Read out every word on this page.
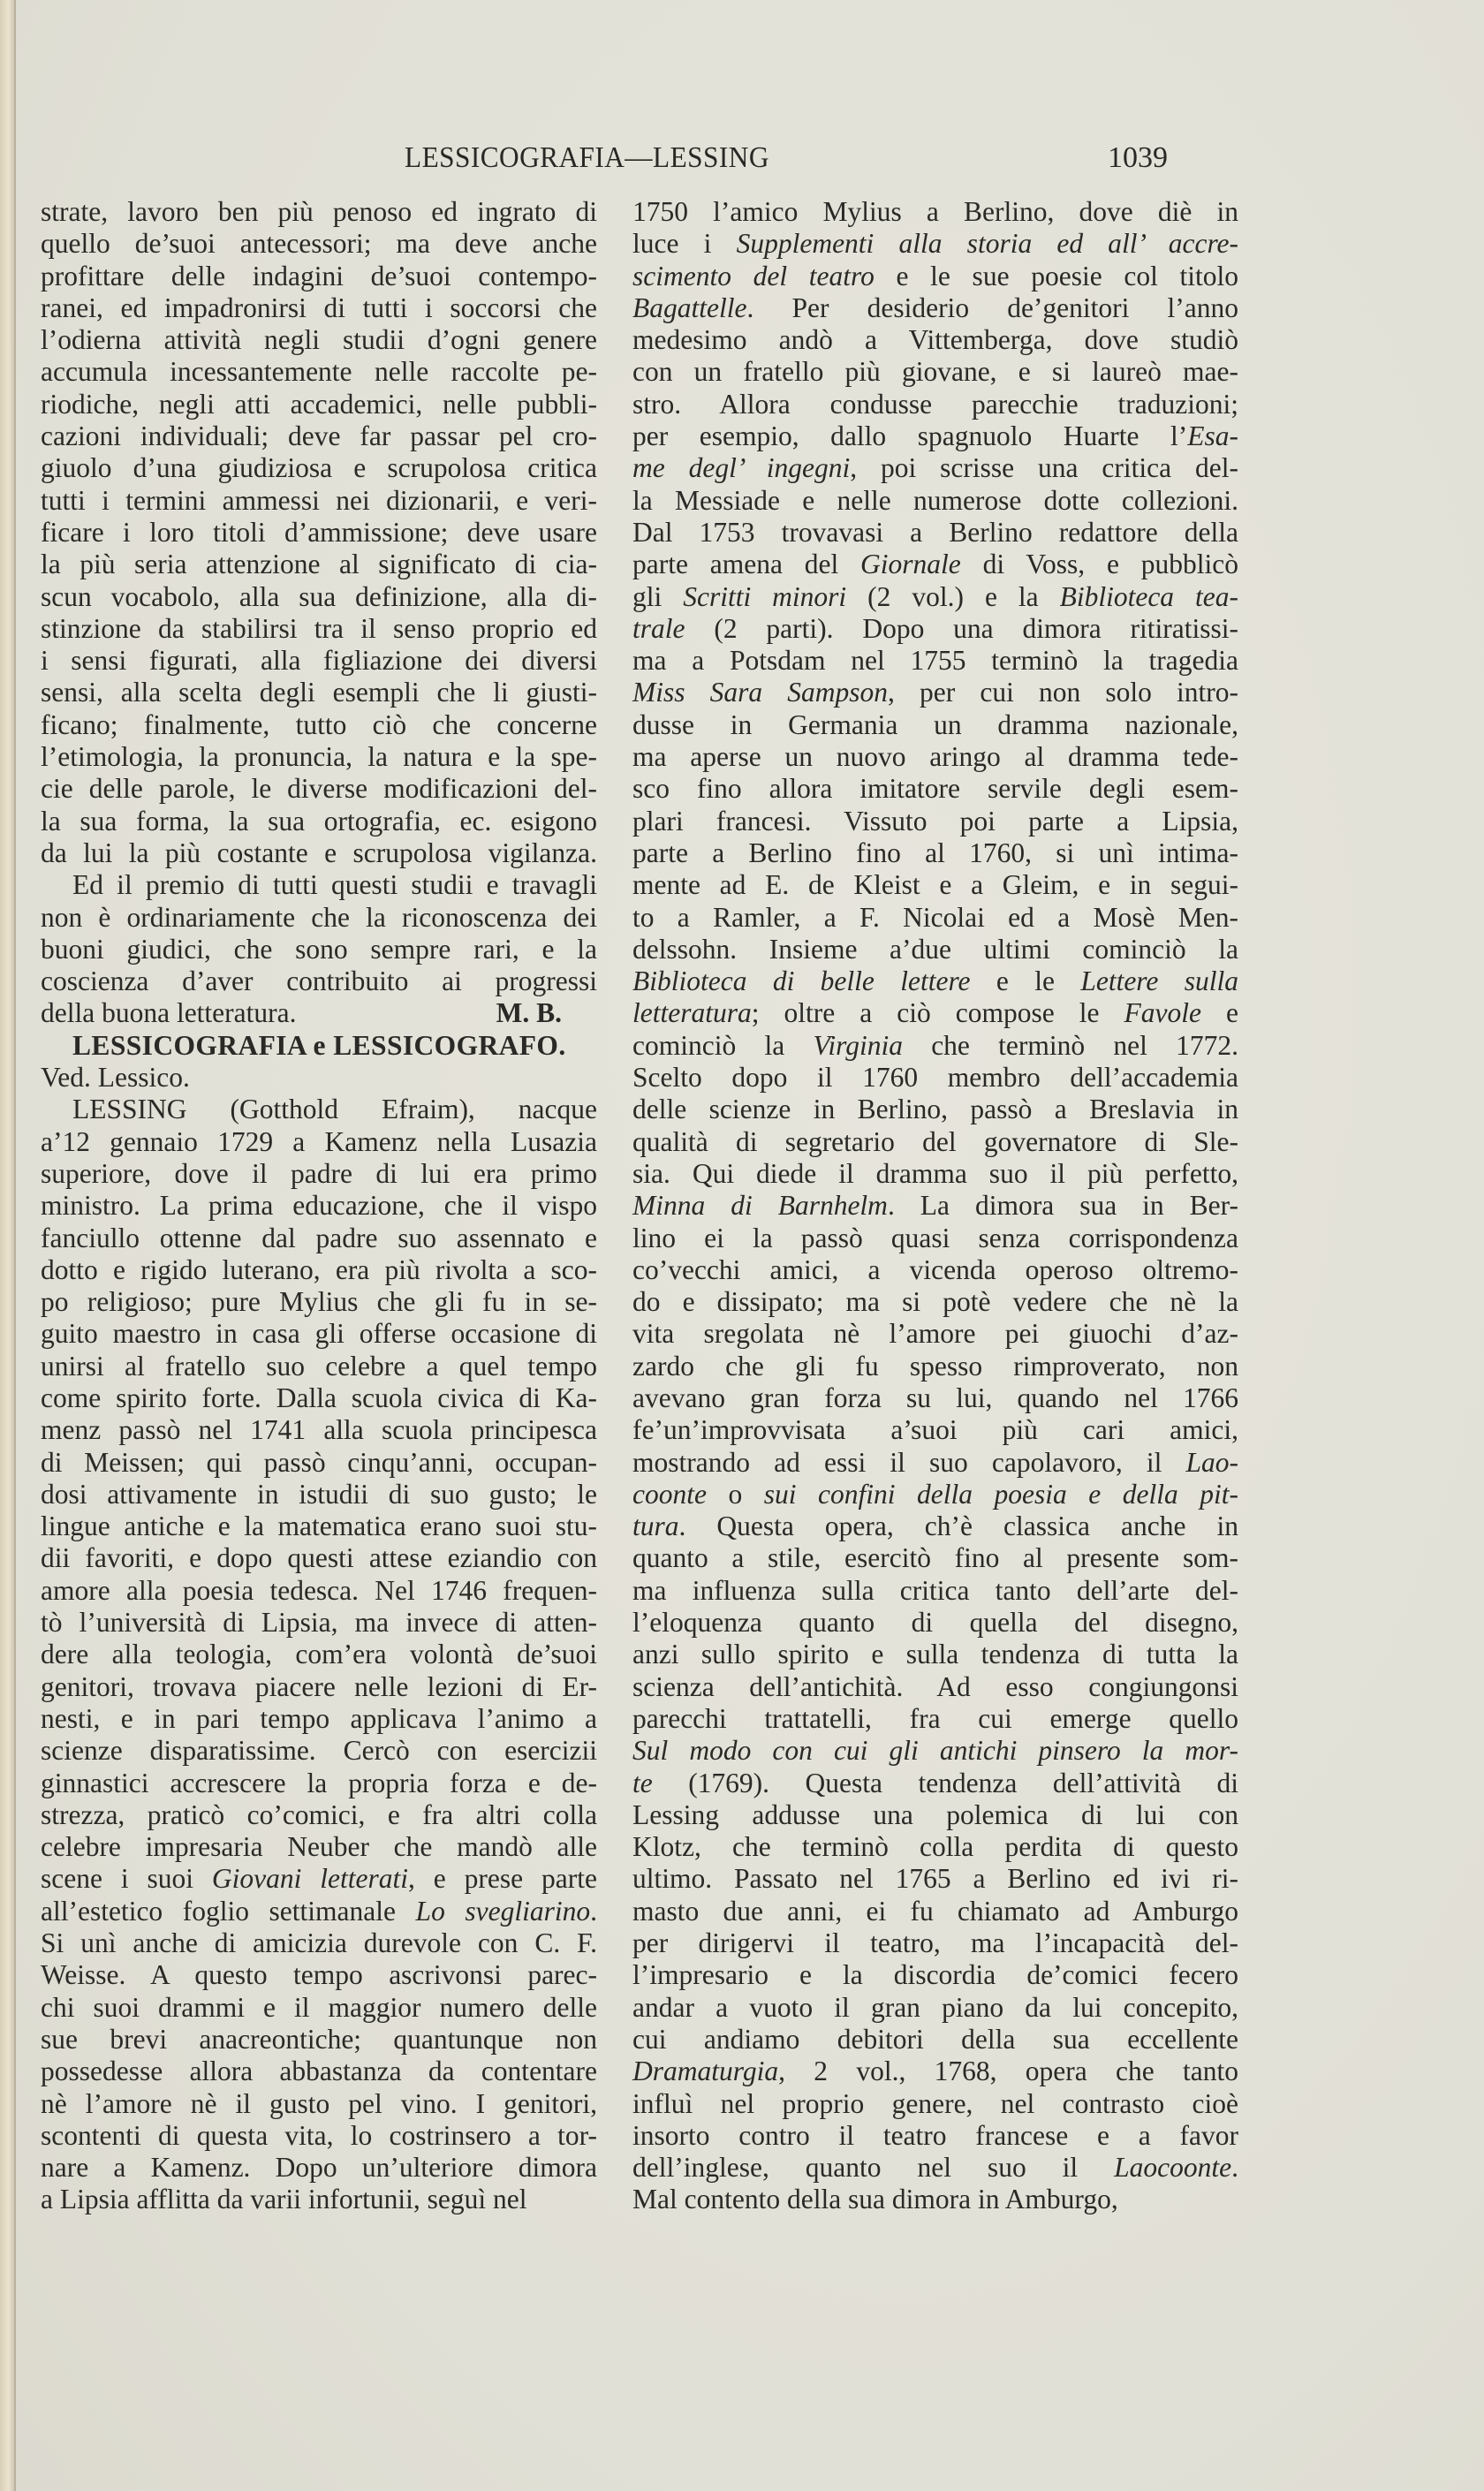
LESSICOGRAFIA—LESSING	1039
strate, lavoro ben più penoso ed ingrato di
quello de’suoi antecessori; ma deve anche
profittare delle indagini de’suoi contempo-
ranei, ed impadronirsi di tutti i soccorsi che
l’odierna attività negli studii d’ogni genere
accumula incessantemente nelle raccolte pe-
riodiche, negli atti accademici, nelle pubbli-
cazioni individuali; deve far passar pel cro-
giuolo d’una giudiziosa e scrupolosa critica
tutti i termini ammessi nei dizionarii, e veri-
ficare i loro titoli d’ammissione; deve usare
la più seria attenzione al significato di cia-
scun vocabolo, alla sua definizione, alla di-
stinzione da stabilirsi tra il senso proprio ed
i sensi figurati, alla figliazione dei diversi
sensi, alla scelta degli esempli che li giusti-
ficano; finalmente, tutto ciò che concerne
l’etimologia, la pronuncia, la natura e la spe-
cie delle parole, le diverse modificazioni del-
la sua forma, la sua ortografia, ec. esigono
da lui la più costante e scrupolosa vigilanza.
Ed il premio di tutti questi studii e travagli
non è ordinariamente che la riconoscenza dei
buoni giudici, che sono sempre rari, e la
coscienza d’aver contribuito ai progressi
della buona letteratura.	M. B.
LESSICOGRAFIA e LESSICOGRAFO.
Ved. Lessico.
LESSING (Gotthold Efraim), nacque
a’12 gennaio 1729 a Kamenz nella Lusazia
superiore, dove il padre di lui era primo
ministro. La prima educazione, che il vispo
fanciullo ottenne dal padre suo assennato e
dotto e rigido luterano, era più rivolta a sco-
po religioso; pure Mylius che gli fu in se-
guito maestro in casa gli offerse occasione di
unirsi al fratello suo celebre a quel tempo
come spirito forte. Dalla scuola civica di Ka-
menz passò nel 1741 alla scuola principesca
di Meissen; qui passò cinqu’anni, occupan-
dosi attivamente in istudii di suo gusto; le
lingue antiche e la matematica erano suoi stu-
dii favoriti, e dopo questi attese eziandio con
amore alla poesia tedesca. Nel 1746 frequen-
tò l’università di Lipsia, ma invece di atten-
dere alla teologia, com’era volontà de’suoi
genitori, trovava piacere nelle lezioni di Er-
nesti, e in pari tempo applicava l’animo a
scienze disparatissime. Cercò con esercizii
ginnastici accrescere la propria forza e de-
strezza, praticò co’comici, e fra altri colla
celebre impresaria Neuber che mandò alle
scene i suoi Giovani letterati, e prese parte
all’estetico foglio settimanale Lo svegliarino.
Si unì anche di amicizia durevole con C. F.
Weisse. A questo tempo ascrivonsi parec-
chi suoi drammi e il maggior numero delle
sue brevi anacreontiche; quantunque non
possedesse allora abbastanza da contentare
nè l’amore nè il gusto pel vino. I genitori,
scontenti di questa vita, lo costrinsero a tor-
nare a Kamenz. Dopo un’ulteriore dimora
a Lipsia afflitta da varii infortunii, seguì nel
1750 l’amico Mylius a Berlino, dove diè in
luce i Supplementi alla storia ed all’ accre-
scimento del teatro e le sue poesie col titolo
Bagattelle. Per desiderio de’genitori l’anno
medesimo andò a Vittemberga, dove studiò
con un fratello più giovane, e si laureò mae-
stro. Allora condusse parecchie traduzioni;
per esempio, dallo spagnuolo Huarte l’Esa-
me degl’ ingegni, poi scrisse una critica del-
la Messiade e nelle numerose dotte collezioni.
Dal 1753 trovavasi a Berlino redattore della
parte amena del Giornale di Voss, e pubblicò
gli Scritti minori (2 vol.) e la Biblioteca tea-
trale (2 parti). Dopo una dimora ritiratissi-
ma a Potsdam nel 1755 terminò la tragedia
Miss Sara Sampson, per cui non solo intro-
dusse in Germania un dramma nazionale,
ma aperse un nuovo aringo al dramma tede-
sco fino allora imitatore servile degli esem-
plari francesi. Vissuto poi parte a Lipsia,
parte a Berlino fino al 1760, si unì intima-
mente ad E. de Kleist e a Gleim, e in segui-
to a Ramler, a F. Nicolai ed a Mosè Men-
delssohn. Insieme a’due ultimi cominciò la
Biblioteca di belle lettere e le Lettere sulla
letteratura; oltre a ciò compose le Favole e
cominciò la Virginia che terminò nel 1772.
Scelto dopo il 1760 membro dell’accademia
delle scienze in Berlino, passò a Breslavia in
qualità di segretario del governatore di Sle-
sia. Qui diede il dramma suo il più perfetto,
Minna di Barnhelm. La dimora sua in Ber-
lino ei la passò quasi senza corrispondenza
co’vecchi amici, a vicenda operoso oltremo-
do e dissipato; ma si potè vedere che nè la
vita sregolata nè l’amore pei giuochi d’az-
zardo che gli fu spesso rimproverato, non
avevano gran forza su lui, quando nel 1766
fe’un’improvvisata a’suoi più cari amici,
mostrando ad essi il suo capolavoro, il Lao-
coonte o sui confini della poesia e della pit-
tura. Questa opera, ch’è classica anche in
quanto a stile, esercitò fino al presente som-
ma influenza sulla critica tanto dell’arte del-
l’eloquenza quanto di quella del disegno,
anzi sullo spirito e sulla tendenza di tutta la
scienza dell’antichità. Ad esso congiungonsi
parecchi trattatelli, fra cui emerge quello
Sul modo con cui gli antichi pinsero la mor-
te (1769). Questa tendenza dell’attività di
Lessing addusse una polemica di lui con
Klotz, che terminò colla perdita di questo
ultimo. Passato nel 1765 a Berlino ed ivi ri-
masto due anni, ei fu chiamato ad Amburgo
per dirigervi il teatro, ma l’incapacità del-
l’impresario e la discordia de’comici fecero
andar a vuoto il gran piano da lui concepito,
cui andiamo debitori della sua eccellente
Dramaturgia, 2 vol., 1768, opera che tanto
influì nel proprio genere, nel contrasto cioè
insorto contro il teatro francese e a favor
dell’inglese, quanto nel suo il Laocoonte.
Mal contento della sua dimora in Amburgo,
